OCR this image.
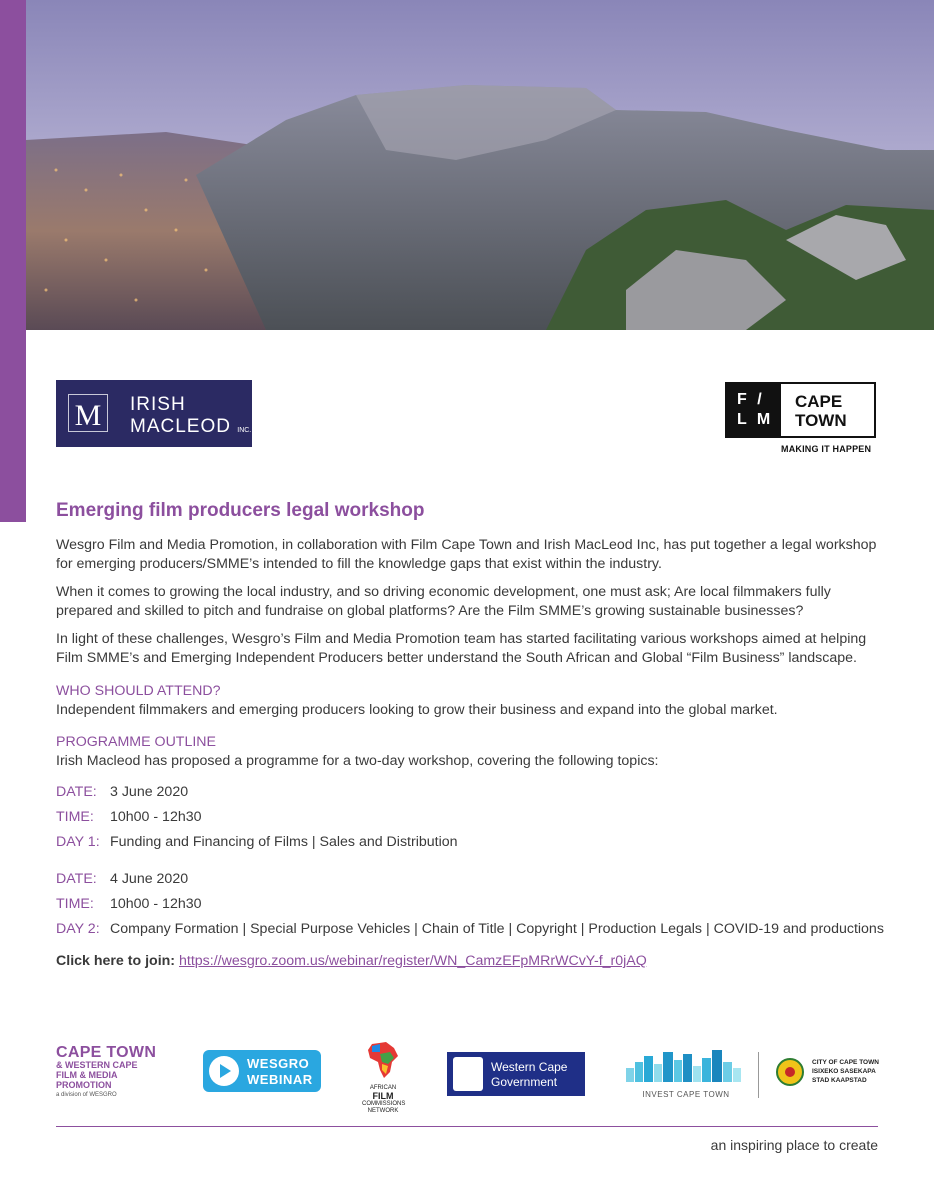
M IRISH
MACLEOD INC.
F /
L M
CAPE
TOWN
MAKING IT HAPPEN
Emerging film producers legal workshop

Wesgro Film and Media Promotion, in collaboration with Film Cape Town and Irish MacLeod Inc, has put together a legal workshop for emerging producers/SMME’s intended to fill the knowledge gaps that exist within the industry.

When it comes to growing the local industry, and so driving economic development, one must ask; Are local filmmakers fully prepared and skilled to pitch and fundraise on global platforms? Are the Film SMME’s growing sustainable businesses?

In light of these challenges, Wesgro’s Film and Media Promotion team has started facilitating various workshops aimed at helping Film SMME’s and Emerging Independent Producers better understand the South African and Global “Film Business” landscape.

WHO SHOULD ATTEND?
Independent filmmakers and emerging producers looking to grow their business and expand into the global market.
PROGRAMME OUTLINE
Irish Macleod has proposed a programme for a two-day workshop, covering the following topics:
DATE: 3 June 2020
TIME:	10h00 - 12h30
DAY 1: Funding and Financing of Films | Sales and Distribution
DATE: 4 June 2020
TIME:	10h00 - 12h30
DAY 2: Company Formation | Special Purpose Vehicles | Chain of Title | Copyright | Production Legals | COVID-19 and productions
Click here to join: https://wesgro.zoom.us/webinar/register/WN_CamzEFpMRrWCvY-f_r0jAQ
CAPE TOWN
& WESTERN CAPE
FILM & MEDIA PROMOTION
a division of WESGRO
WESGRO
WEBINAR
AFRICAN
FILM
COMMISSIONS
NETWORK
Western Cape
Government
INVEST CAPE TOWN
CITY OF CAPE TOWN
ISIXEKO SASEKAPA
STAD KAAPSTAD
an inspiring place to create
